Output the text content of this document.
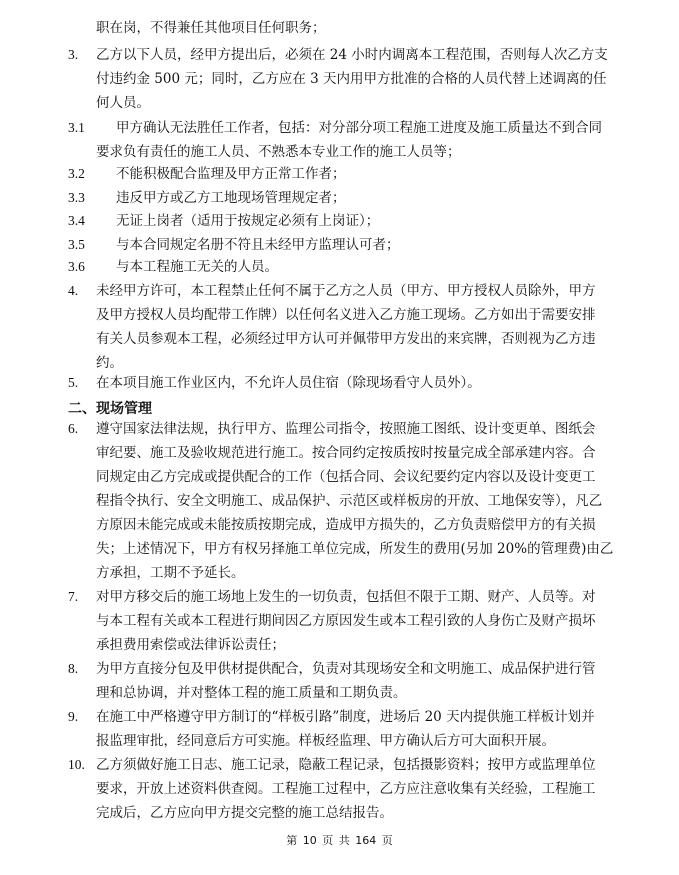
职在岗，不得兼任其他项目任何职务；
3. 乙方以下人员，经甲方提出后，必须在 24 小时内调离本工程范围，否则每人次乙方支
付违约金 500 元；同时，乙方应在 3 天内用甲方批准的合格的人员代替上述调离的任
何人员。
3.1 甲方确认无法胜任工作者，包括：对分部分项工程施工进度及施工质量达不到合同
要求负有责任的施工人员、不熟悉本专业工作的施工人员等；
3.2 不能积极配合监理及甲方正常工作者；
3.3 违反甲方或乙方工地现场管理规定者；
3.4 无证上岗者（适用于按规定必须有上岗证）；
3.5 与本合同规定名册不符且未经甲方监理认可者；
3.6 与本工程施工无关的人员。
4. 未经甲方许可，本工程禁止任何不属于乙方之人员（甲方、甲方授权人员除外，甲方
及甲方授权人员均配带工作牌）以任何名义进入乙方施工现场。乙方如出于需要安排
有关人员参观本工程，必须经过甲方认可并佩带甲方发出的来宾牌，否则视为乙方违
约。
5. 在本项目施工作业区内，不允许人员住宿（除现场看守人员外）。
二、现场管理
6. 遵守国家法律法规，执行甲方、监理公司指令，按照施工图纸、设计变更单、图纸会
审纪要、施工及验收规范进行施工。按合同约定按质按时按量完成全部承建内容。合
同规定由乙方完成或提供配合的工作（包括合同、会议纪要约定内容以及设计变更工
程指令执行、安全文明施工、成品保护、示范区或样板房的开放、工地保安等），凡乙
方原因未能完成或未能按质按期完成，造成甲方损失的，乙方负责赔偿甲方的有关损
失；上述情况下，甲方有权另择施工单位完成，所发生的费用(另加 20%的管理费)由乙
方承担，工期不予延长。
7. 对甲方移交后的施工场地上发生的一切负责，包括但不限于工期、财产、人员等。对
与本工程有关或本工程进行期间因乙方原因发生或本工程引致的人身伤亡及财产损坏
承担费用索偿或法律诉讼责任；
8. 为甲方直接分包及甲供材提供配合，负责对其现场安全和文明施工、成品保护进行管
理和总协调，并对整体工程的施工质量和工期负责。
9. 在施工中严格遵守甲方制订的“样板引路”制度，进场后 20 天内提供施工样板计划并
报监理审批，经同意后方可实施。样板经监理、甲方确认后方可大面积开展。
10. 乙方须做好施工日志、施工记录，隐蔽工程记录，包括摄影资料；按甲方或监理单位
要求，开放上述资料供查阅。工程施工过程中，乙方应注意收集有关经验，工程施工
完成后，乙方应向甲方提交完整的施工总结报告。
第 10 页 共 164 页
